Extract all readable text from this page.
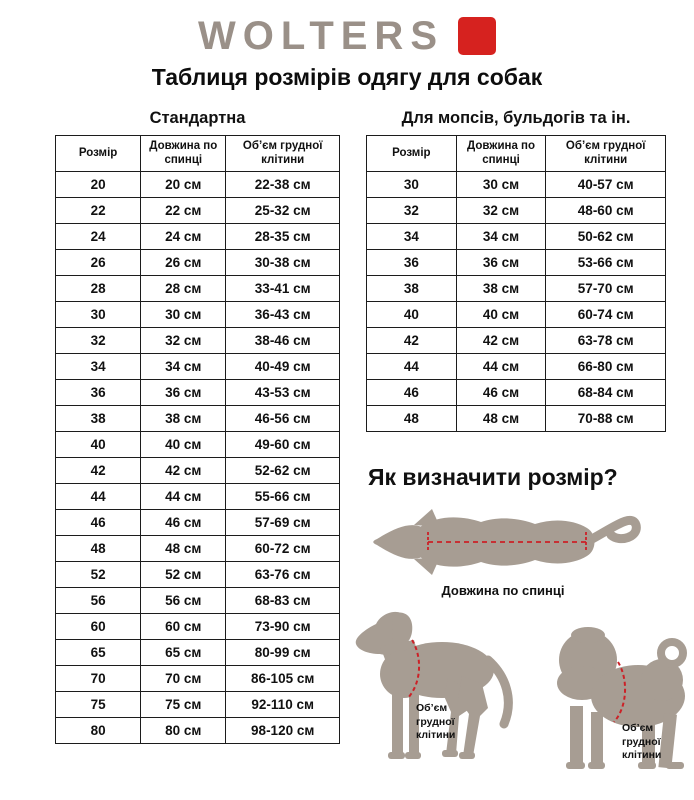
WOLTERS
Таблиця розмірів одягу для собак
Стандартна
Розмір	Довжина по спинці	Об’єм грудної клітини
20	20 см	22-38 см
22	22 см	25-32 см
24	24 см	28-35 см
26	26 см	30-38 см
28	28 см	33-41 см
30	30 см	36-43 см
32	32 см	38-46 см
34	34 см	40-49 см
36	36 см	43-53 см
38	38 см	46-56 см
40	40 см	49-60 см
42	42 см	52-62 см
44	44 см	55-66 см
46	46 см	57-69 см
48	48 см	60-72 см
52	52 см	63-76 см
56	56 см	68-83 см
60	60 см	73-90 см
65	65 см	80-99 см
70	70 см	86-105 см
75	75 см	92-110 см
80	80 см	98-120 см
Для мопсів, бульдогів та ін.
Розмір	Довжина по спинці	Об’єм грудної клітини
30	30 см	40-57 см
32	32 см	48-60 см
34	34 см	50-62 см
36	36 см	53-66 см
38	38 см	57-70 см
40	40 см	60-74 см
42	42 см	63-78 см
44	44 см	66-80 см
46	46 см	68-84 см
48	48 см	70-88 см
Як визначити розмір?
Довжина по спинці
Об’єм
грудної
клітини
Об’єм
грудної
клітини
